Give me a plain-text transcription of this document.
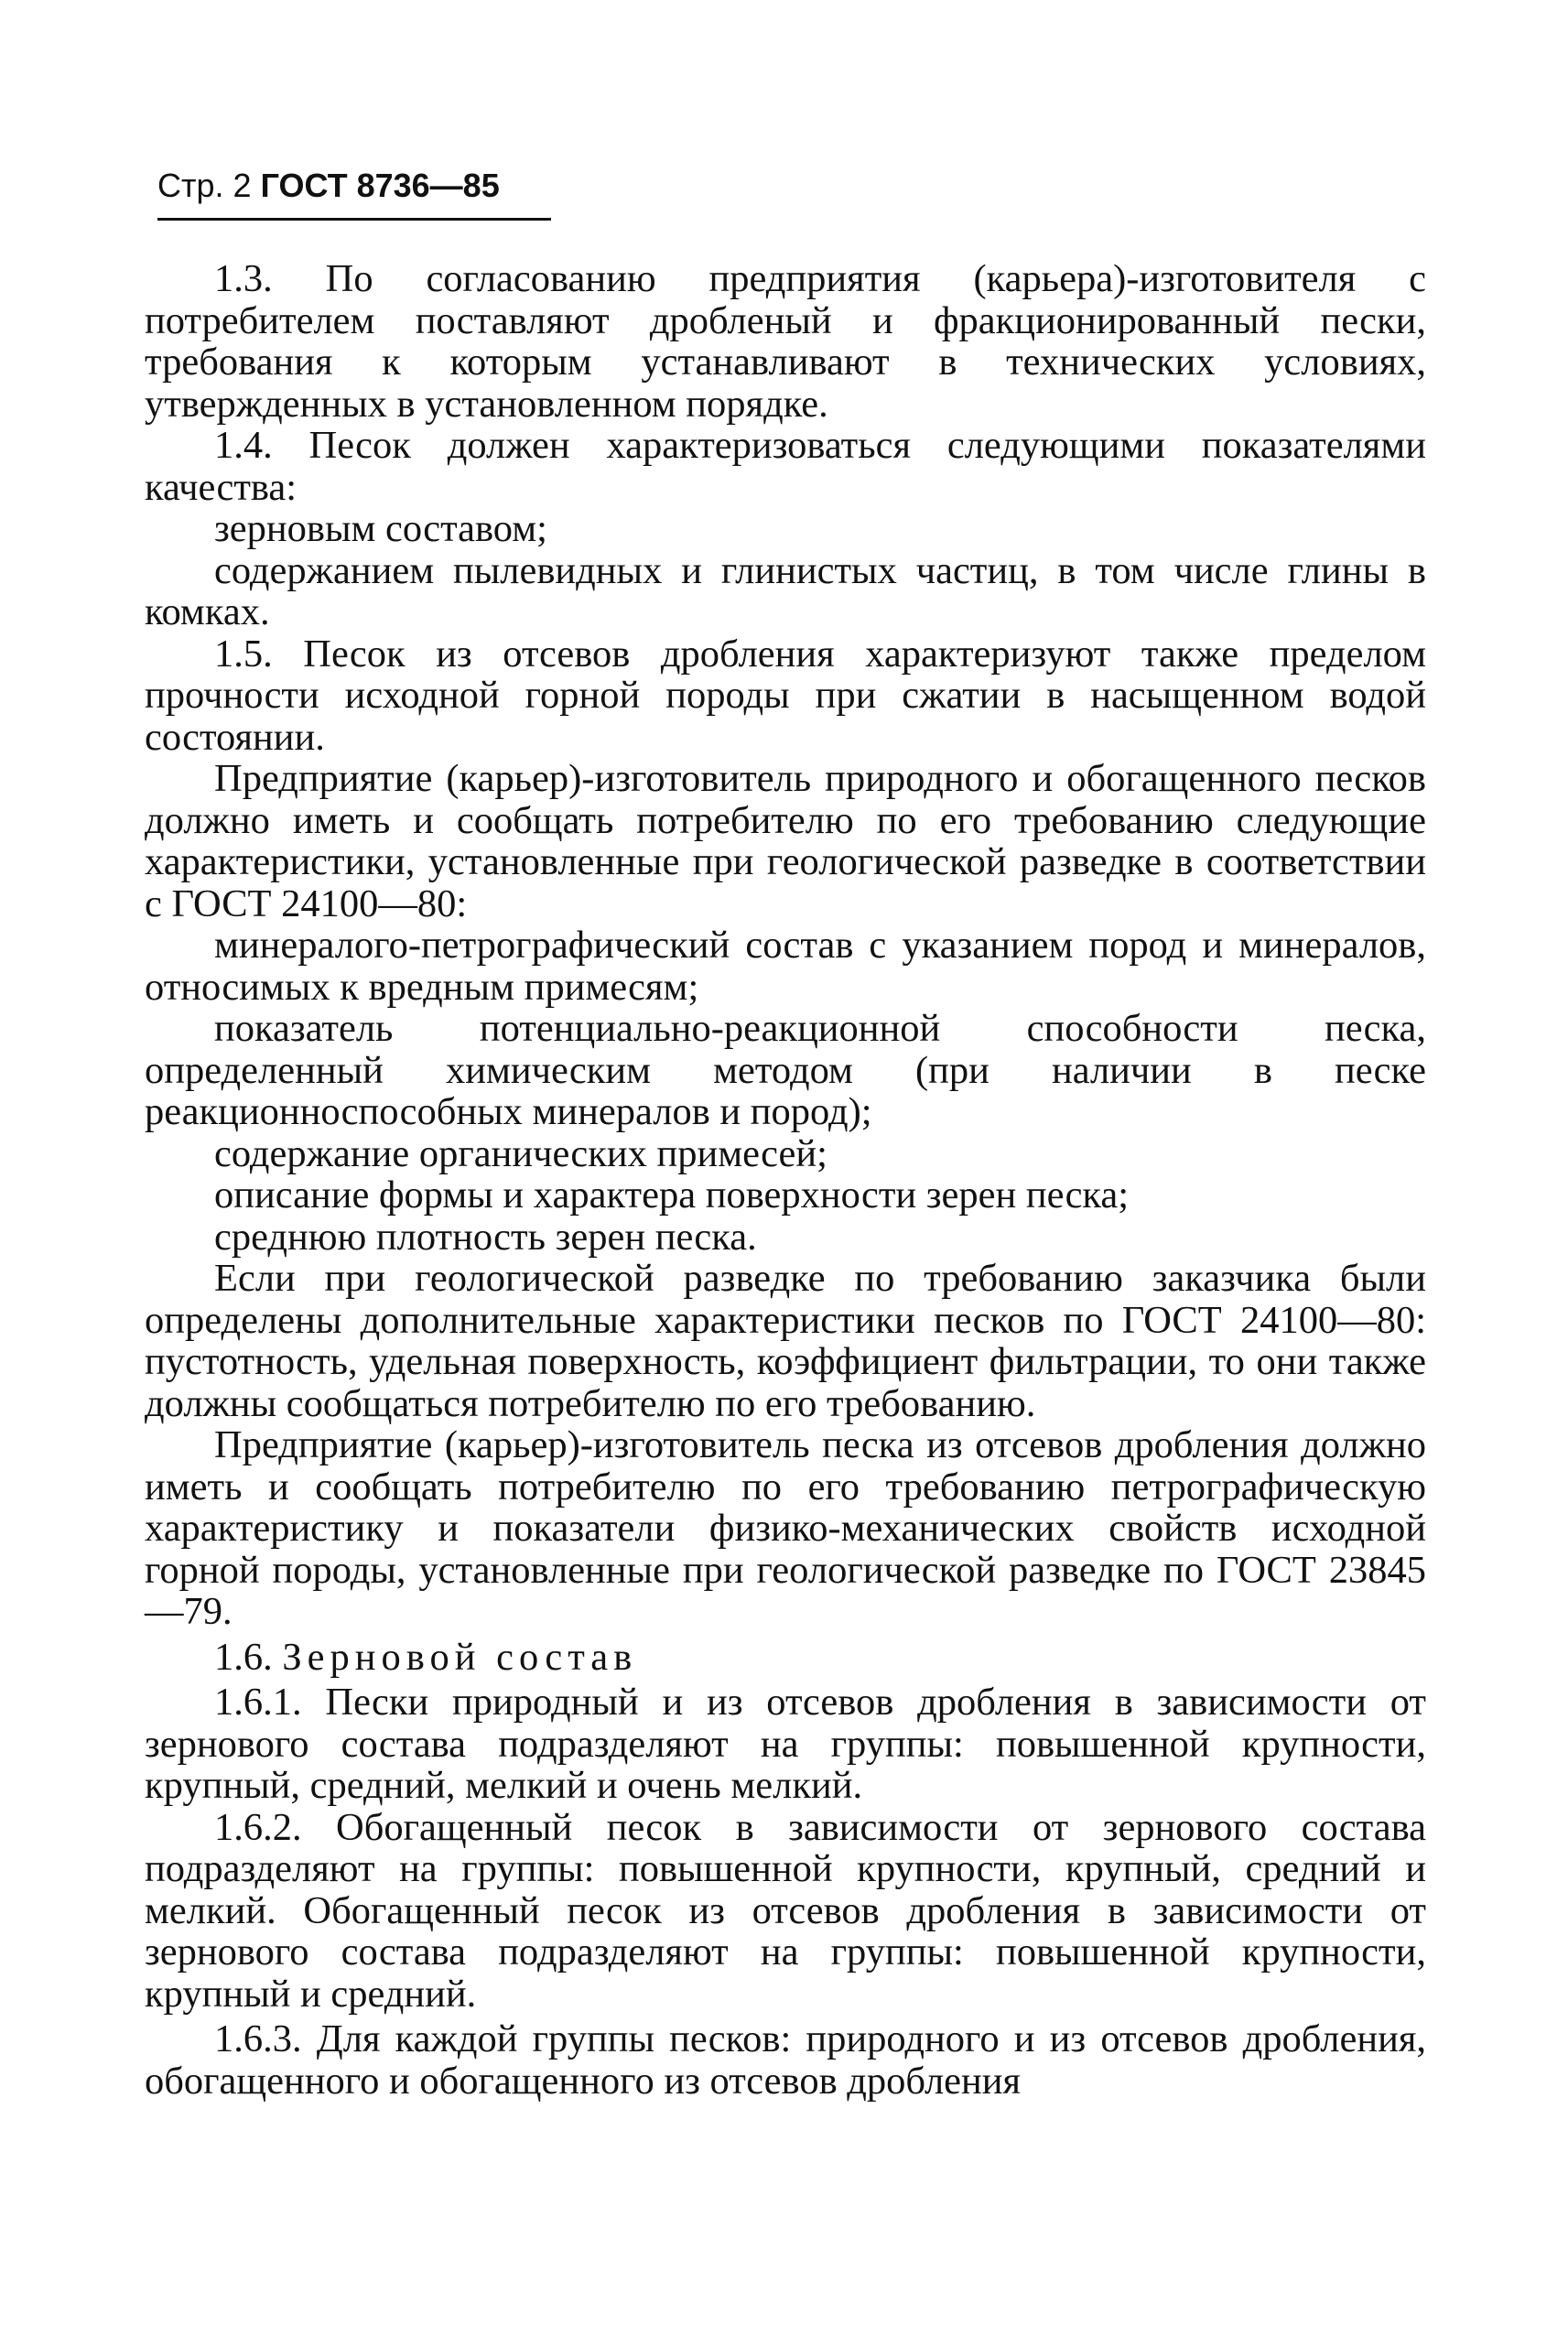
Стр. 2 ГОСТ 8736—85

1.3. По согласованию предприятия (карьера)-изготовителя с потребителем поставляют дробленый и фракционированный пески, требования к которым устанавливают в технических условиях, утвержденных в установленном порядке.

1.4. Песок должен характеризоваться следующими показателями качества:

зерновым составом;

содержанием пылевидных и глинистых частиц, в том числе глины в комках.

1.5. Песок из отсевов дробления характеризуют также пределом прочности исходной горной породы при сжатии в насыщенном водой состоянии.

Предприятие (карьер)-изготовитель природного и обогащенного песков должно иметь и сообщать потребителю по его требованию следующие характеристики, установленные при геологической разведке в соответствии с ГОСТ 24100—80:

минералого-петрографический состав с указанием пород и минералов, относимых к вредным примесям;

показатель потенциально-реакционной способности песка, определенный химическим методом (при наличии в песке реакционноспособных минералов и пород);

содержание органических примесей;

описание формы и характера поверхности зерен песка;

среднюю плотность зерен песка.

Если при геологической разведке по требованию заказчика были определены дополнительные характеристики песков по ГОСТ 24100—80: пустотность, удельная поверхность, коэффициент фильтрации, то они также должны сообщаться потребителю по его требованию.

Предприятие (карьер)-изготовитель песка из отсевов дробления должно иметь и сообщать потребителю по его требованию петрографическую характеристику и показатели физико-механических свойств исходной горной породы, установленные при геологической разведке по ГОСТ 23845—79.

1.6. Зерновой состав

1.6.1. Пески природный и из отсевов дробления в зависимости от зернового состава подразделяют на группы: повышенной крупности, крупный, средний, мелкий и очень мелкий.

1.6.2. Обогащенный песок в зависимости от зернового состава подразделяют на группы: повышенной крупности, крупный, средний и мелкий. Обогащенный песок из отсевов дробления в зависимости от зернового состава подразделяют на группы: повышенной крупности, крупный и средний.

1.6.3. Для каждой группы песков: природного и из отсевов дробления, обогащенного и обогащенного из отсевов дробления
